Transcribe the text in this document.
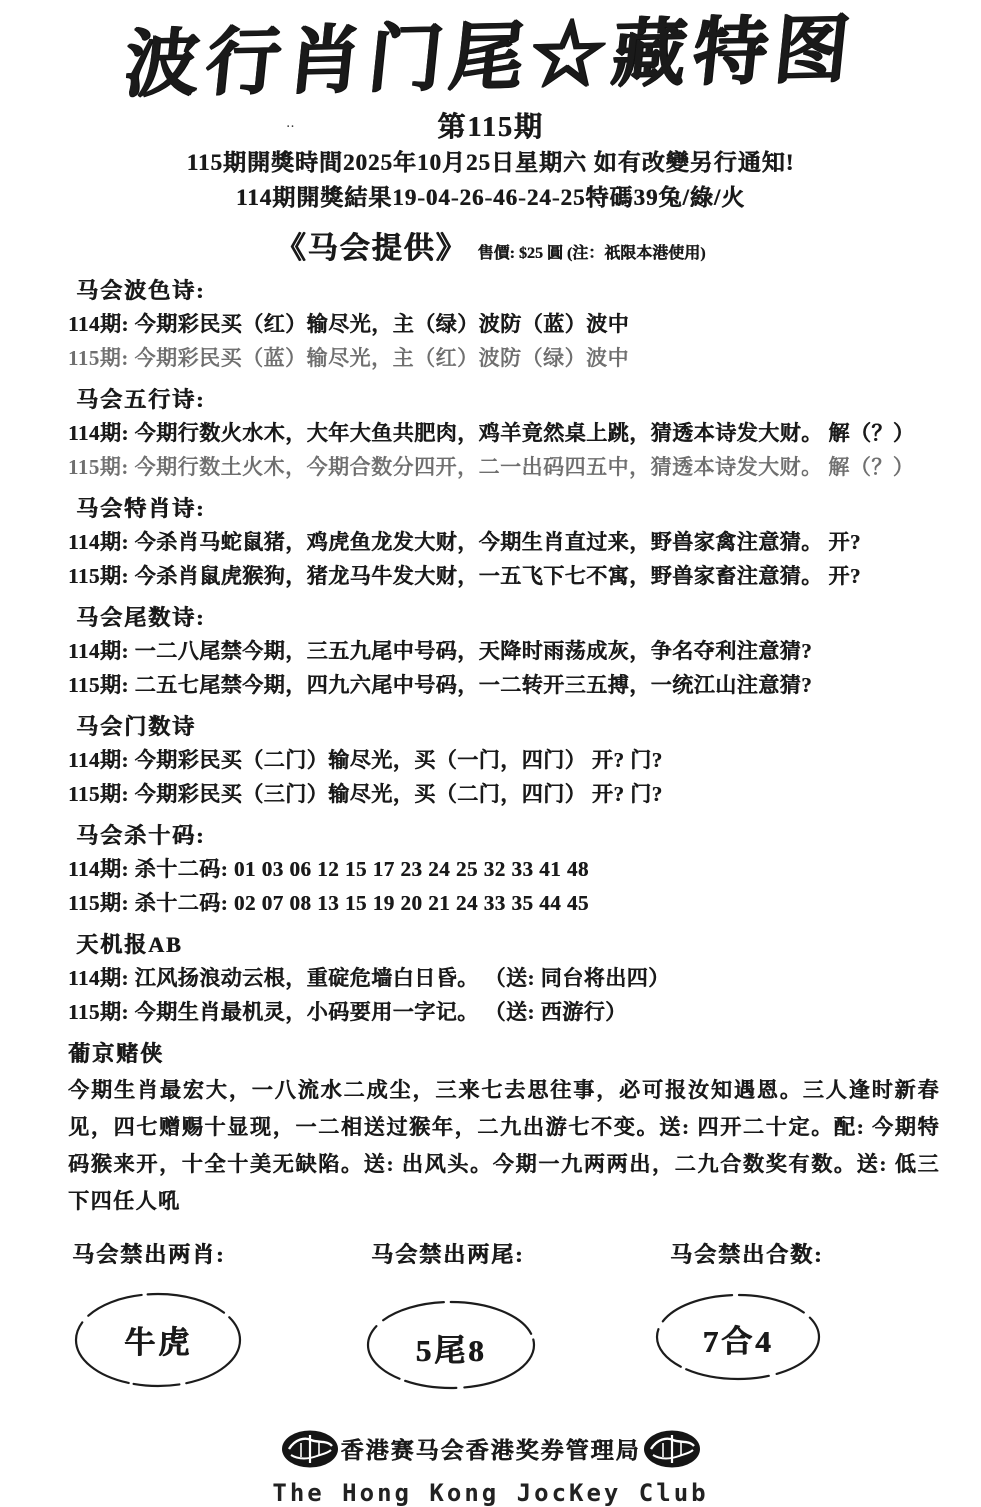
波行肖门尾☆藏特图
‥	第115期
115期開獎時間2025年10月25日星期六 如有改變另行通知!
114期開獎結果19-04-26-46-24-25特碼39兔/綠/火
《马会提供》 售價: $25 圓 (注：祇限本港使用)
马会波色诗:

114期: 今期彩民买（红）输尽光，主（绿）波防（蓝）波中

115期: 今期彩民买（蓝）输尽光，主（红）波防（绿）波中

马会五行诗:

114期: 今期行数火水木，大年大鱼共肥肉，鸡羊竟然桌上跳，猜透本诗发大财。 解（？）

115期: 今期行数土火木，今期合数分四开，二一出码四五中，猜透本诗发大财。 解（？）

马会特肖诗:

114期: 今杀肖马蛇鼠猪，鸡虎鱼龙发大财，今期生肖直过来，野兽家禽注意猜。 开?

115期: 今杀肖鼠虎猴狗，猪龙马牛发大财，一五飞下七不寓，野兽家畜注意猜。 开?

马会尾数诗:

114期: 一二八尾禁今期，三五九尾中号码，天降时雨荡成灰，争名夺利注意猜?

115期: 二五七尾禁今期，四九六尾中号码，一二转开三五搏，一统江山注意猜?

马会门数诗

114期: 今期彩民买（二门）输尽光，买（一门，四门） 开? 门?

115期: 今期彩民买（三门）输尽光，买（二门，四门） 开? 门?

马会杀十码:

114期: 杀十二码: 01 03 06 12 15 17 23 24 25 32 33 41 48

115期: 杀十二码: 02 07 08 13 15 19 20 21 24 33 35 44 45

天机报AB

114期: 江风扬浪动云根，重碇危墙白日昏。 （送: 同台将出四）

115期: 今期生肖最机灵，小码要用一字记。 （送: 西游行）

葡京赌侠

今期生肖最宏大，一八流水二成尘，三来七去思往事，必可报汝知遇恩。三人逢时新春见，四七赠赐十显现，一二相送过猴年，二九出游七不变。送: 四开二十定。配: 今期特码猴来开，十全十美无缺陷。送: 出风头。今期一九两两出，二九合数奖有数。送: 低三下四任人吼

马会禁出两肖:
牛虎
马会禁出两尾:
5尾8
马会禁出合数:
7合4
香港赛马会香港奖券管理局
The Hong Kong JocKey Club
